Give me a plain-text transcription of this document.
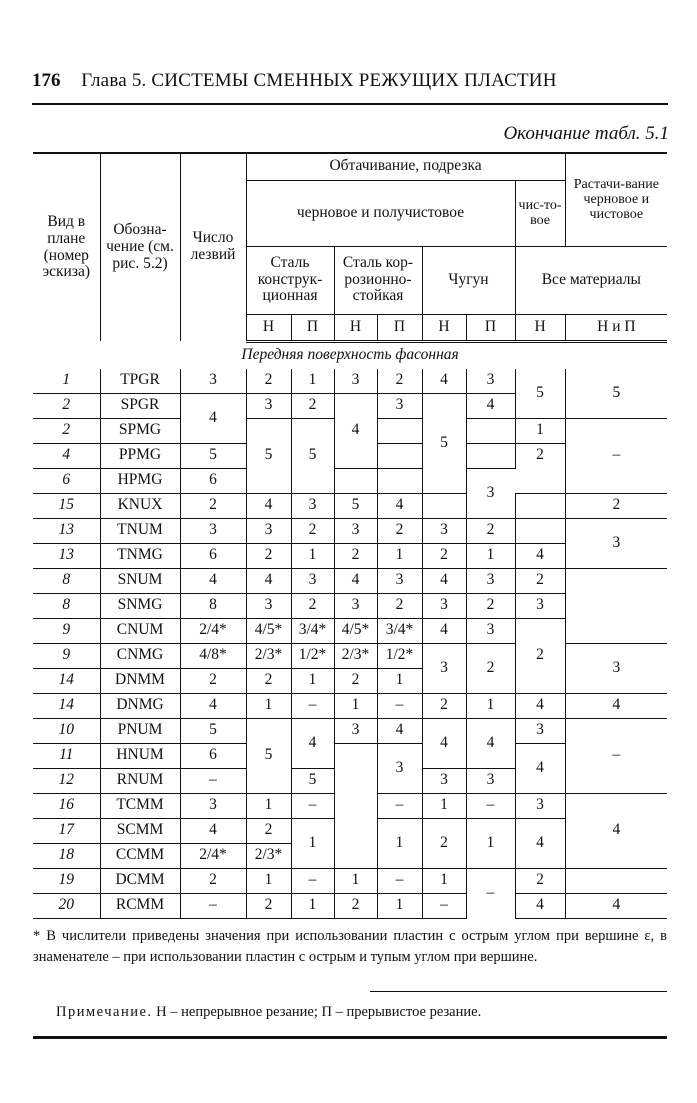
176 Глава 5. СИСТЕМЫ СМЕННЫХ РЕЖУЩИХ ПЛАСТИН
Окончание табл. 5.1
Вид в плане (номер эскиза)	Обозна-чение (см. рис. 5.2)	Число лезвий	Обтачивание, подрезка							Растачи-вание черновое и чистовое
			черновое и получистовое						чис-то-вое	
			Сталь конструк-ционная		Сталь кор-розионно-стойкая		Чугун		Все материалы	
			Н	П	Н	П	Н	П	Н	Н и П
Передняя поверхность фасонная										
1	TPGR	3	2	1	3	2	4	3	5	5
2	SPGR	4	3	2	4	3	5	4		
2	SPMG		5	5					1	–
4	PPMG	5							2	
6	HPMG	6						3		
15	KNUX	2	4	3	5	4				2
13	TNUM	3	3	2	3	2	3	2		3
13	TNMG	6	2	1	2	1	2	1	4	
8	SNUM	4	4	3	4	3	4	3	2	
8	SNMG	8	3	2	3	2	3	2	3	
9	CNUM	2/4*	4/5*	3/4*	4/5*	3/4*	4	3	2	
9	CNMG	4/8*	2/3*	1/2*	2/3*	1/2*	3	2		3
14	DNMM	2	2	1	2	1				
14	DNMG	4	1	–	1	–	2	1	4	4
10	PNUM	5	5	4	3	4	4	4	3	–
11	HNUM	6				3			4	
12	RNUM	–		5			3	3		
16	TCMM	3	1	–		–	1	–	3	4
17	SCMM	4	2	1		1	2	1	4	
18	CCMM	2/4*	2/3*							
19	DCMM	2	1	–	1	–	1	–	2	
20	RCMM	–	2	1	2	1	–		4	4
* В числители приведены значения при использовании пластин с острым углом при вершине ε, в знаменателе – при использовании пластин с острым и тупым углом при вершине.
Примечание. Н – непрерывное резание; П – прерывистое резание.
